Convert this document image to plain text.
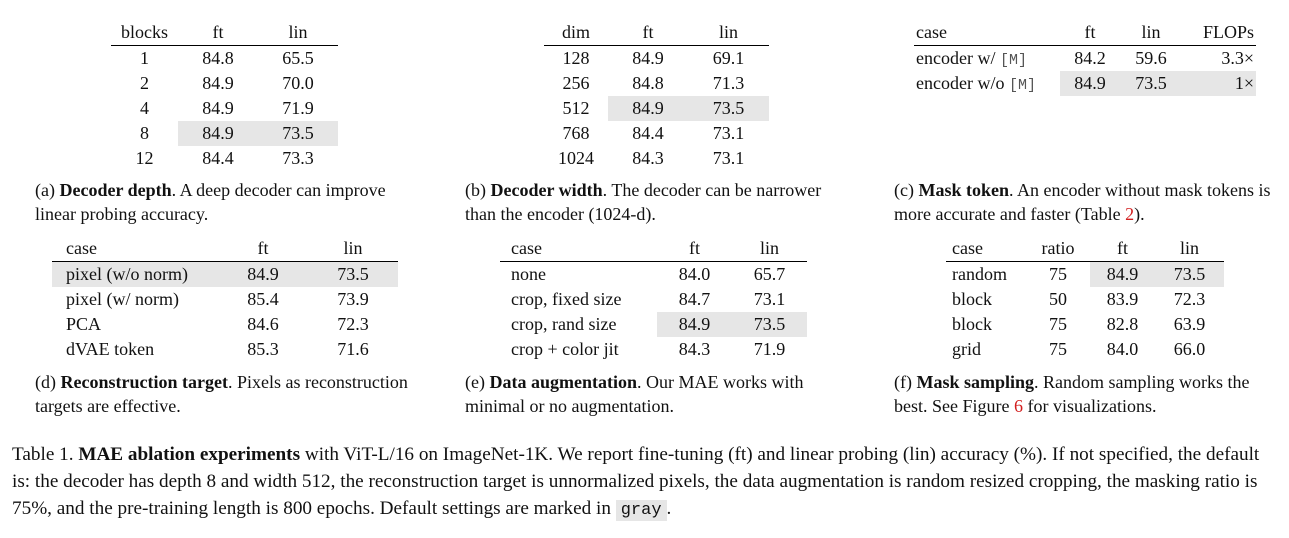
blocks	ft	lin
1	84.8	65.5
2	84.9	70.0
4	84.9	71.9
8	84.9	73.5
12	84.4	73.3
(a) Decoder depth. A deep decoder can improve linear probing accuracy.
dim	ft	lin
128	84.9	69.1
256	84.8	71.3
512	84.9	73.5
768	84.4	73.1
1024	84.3	73.1
(b) Decoder width. The decoder can be narrower than the encoder (1024-d).
case	ft	lin	FLOPs
encoder w/ [M]	84.2	59.6	3.3×
encoder w/o [M]	84.9	73.5	1×
(c) Mask token. An encoder without mask tokens is more accurate and faster (Table 2).
case	ft	lin
pixel (w/o norm)	84.9	73.5
pixel (w/ norm)	85.4	73.9
PCA	84.6	72.3
dVAE token	85.3	71.6
(d) Reconstruction target. Pixels as reconstruction targets are effective.
case	ft	lin
none	84.0	65.7
crop, fixed size	84.7	73.1
crop, rand size	84.9	73.5
crop + color jit	84.3	71.9
(e) Data augmentation. Our MAE works with minimal or no augmentation.
case	ratio	ft	lin
random	75	84.9	73.5
block	50	83.9	72.3
block	75	82.8	63.9
grid	75	84.0	66.0
(f) Mask sampling. Random sampling works the best. See Figure 6 for visualizations.
Table 1. MAE ablation experiments with ViT-L/16 on ImageNet-1K. We report fine-tuning (ft) and linear probing (lin) accuracy (%). If not specified, the default is: the decoder has depth 8 and width 512, the reconstruction target is unnormalized pixels, the data augmentation is random resized cropping, the masking ratio is 75%, and the pre-training length is 800 epochs. Default settings are marked in gray .
